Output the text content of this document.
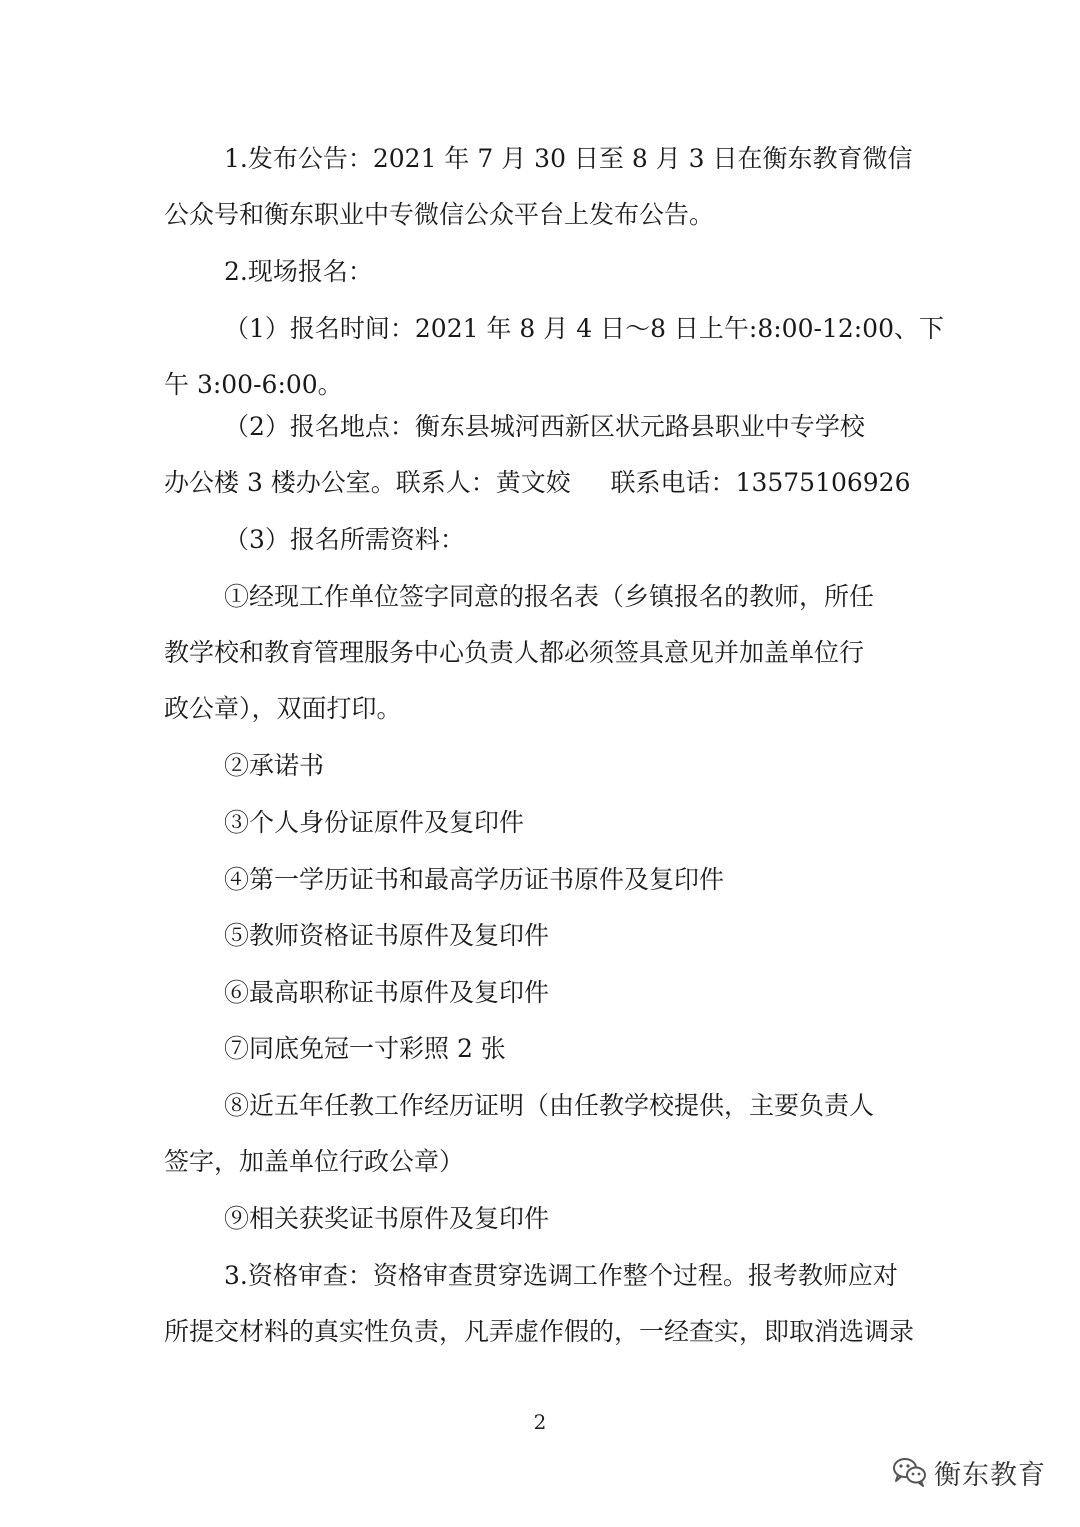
1.发布公告：2021 年 7 月 30 日至 8 月 3 日在衡东教育微信
公众号和衡东职业中专微信公众平台上发布公告。
2.现场报名：
（1）报名时间：2021 年 8 月 4 日～8 日上午:8:00-12:00、下
午 3:00-6:00。
（2）报名地点：衡东县城河西新区状元路县职业中专学校
办公楼 3 楼办公室。联系人：黄文姣     联系电话：13575106926
（3）报名所需资料：
①经现工作单位签字同意的报名表（乡镇报名的教师，所任
教学校和教育管理服务中心负责人都必须签具意见并加盖单位行
政公章），双面打印。
②承诺书
③个人身份证原件及复印件
④第一学历证书和最高学历证书原件及复印件
⑤教师资格证书原件及复印件
⑥最高职称证书原件及复印件
⑦同底免冠一寸彩照 2 张
⑧近五年任教工作经历证明（由任教学校提供，主要负责人
签字，加盖单位行政公章）
⑨相关获奖证书原件及复印件
3.资格审查：资格审查贯穿选调工作整个过程。报考教师应对
所提交材料的真实性负责，凡弄虚作假的，一经查实，即取消选调录
2
衡东教育
